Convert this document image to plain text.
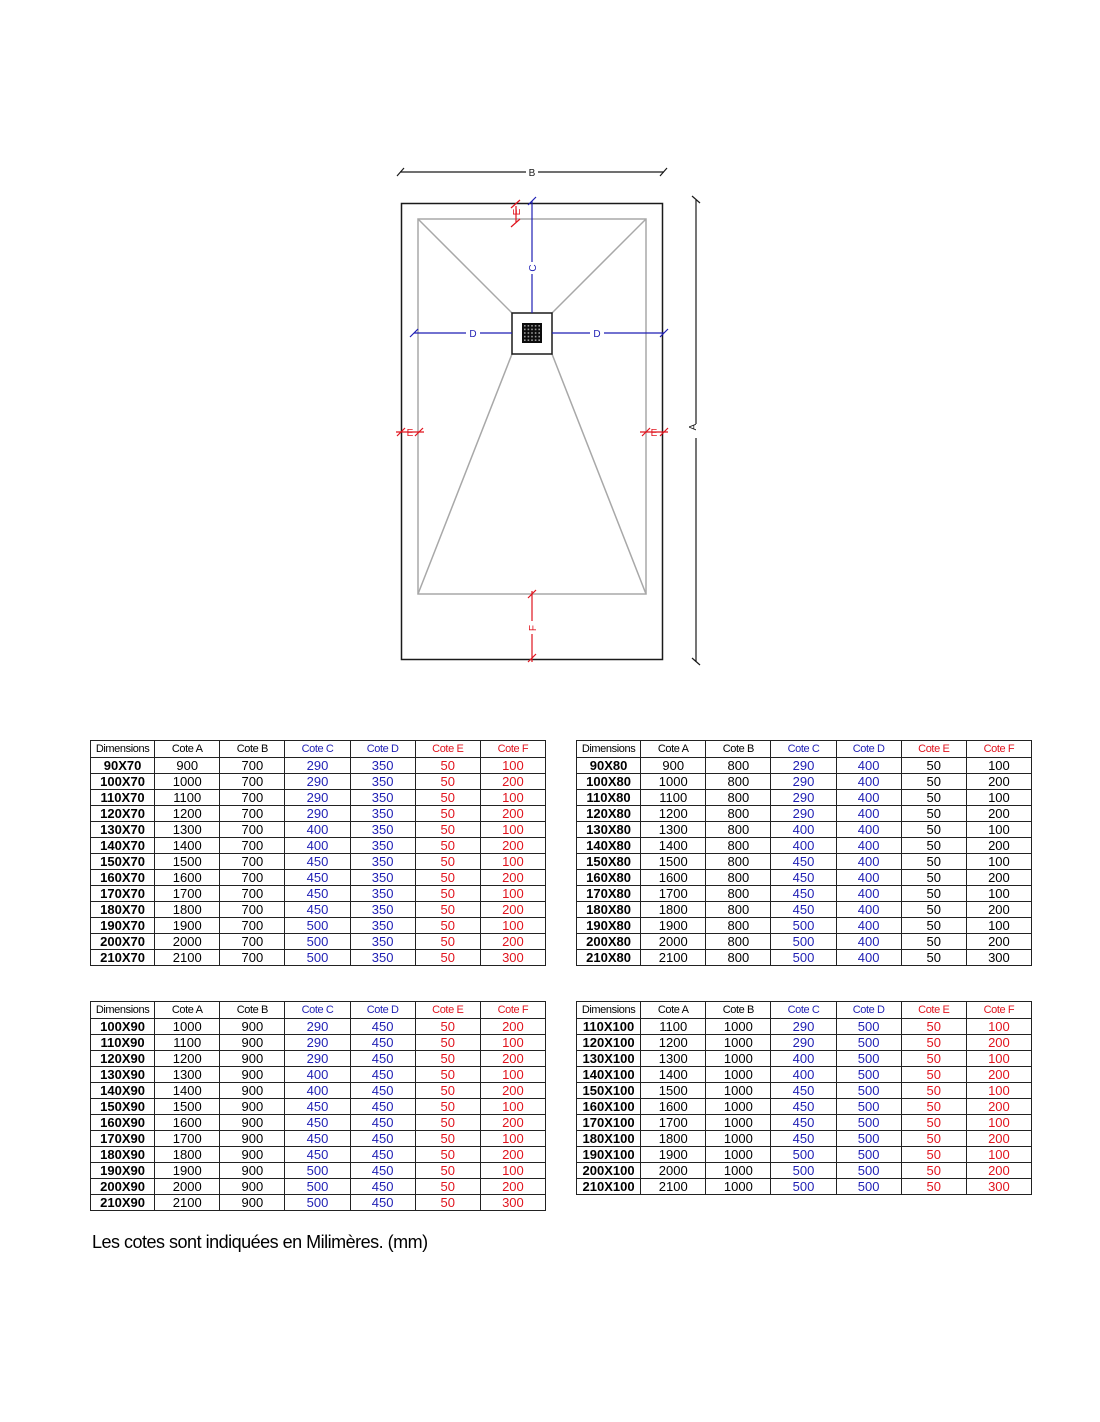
B
A
C
D	D
E
E	E
F
Dimensions	Cote A	Cote B	Cote C	Cote D	Cote E	Cote F
90X70	900	700	290	350	50	100
100X70	1000	700	290	350	50	200
110X70	1100	700	290	350	50	100
120X70	1200	700	290	350	50	200
130X70	1300	700	400	350	50	100
140X70	1400	700	400	350	50	200
150X70	1500	700	450	350	50	100
160X70	1600	700	450	350	50	200
170X70	1700	700	450	350	50	100
180X70	1800	700	450	350	50	200
190X70	1900	700	500	350	50	100
200X70	2000	700	500	350	50	200
210X70	2100	700	500	350	50	300
Dimensions	Cote A	Cote B	Cote C	Cote D	Cote E	Cote F
90X80	900	800	290	400	50	100
100X80	1000	800	290	400	50	200
110X80	1100	800	290	400	50	100
120X80	1200	800	290	400	50	200
130X80	1300	800	400	400	50	100
140X80	1400	800	400	400	50	200
150X80	1500	800	450	400	50	100
160X80	1600	800	450	400	50	200
170X80	1700	800	450	400	50	100
180X80	1800	800	450	400	50	200
190X80	1900	800	500	400	50	100
200X80	2000	800	500	400	50	200
210X80	2100	800	500	400	50	300
Dimensions	Cote A	Cote B	Cote C	Cote D	Cote E	Cote F
100X90	1000	900	290	450	50	200
110X90	1100	900	290	450	50	100
120X90	1200	900	290	450	50	200
130X90	1300	900	400	450	50	100
140X90	1400	900	400	450	50	200
150X90	1500	900	450	450	50	100
160X90	1600	900	450	450	50	200
170X90	1700	900	450	450	50	100
180X90	1800	900	450	450	50	200
190X90	1900	900	500	450	50	100
200X90	2000	900	500	450	50	200
210X90	2100	900	500	450	50	300
Dimensions	Cote A	Cote B	Cote C	Cote D	Cote E	Cote F
110X100	1100	1000	290	500	50	100
120X100	1200	1000	290	500	50	200
130X100	1300	1000	400	500	50	100
140X100	1400	1000	400	500	50	200
150X100	1500	1000	450	500	50	100
160X100	1600	1000	450	500	50	200
170X100	1700	1000	450	500	50	100
180X100	1800	1000	450	500	50	200
190X100	1900	1000	500	500	50	100
200X100	2000	1000	500	500	50	200
210X100	2100	1000	500	500	50	300
Les cotes sont indiquées en Milimères. (mm)
